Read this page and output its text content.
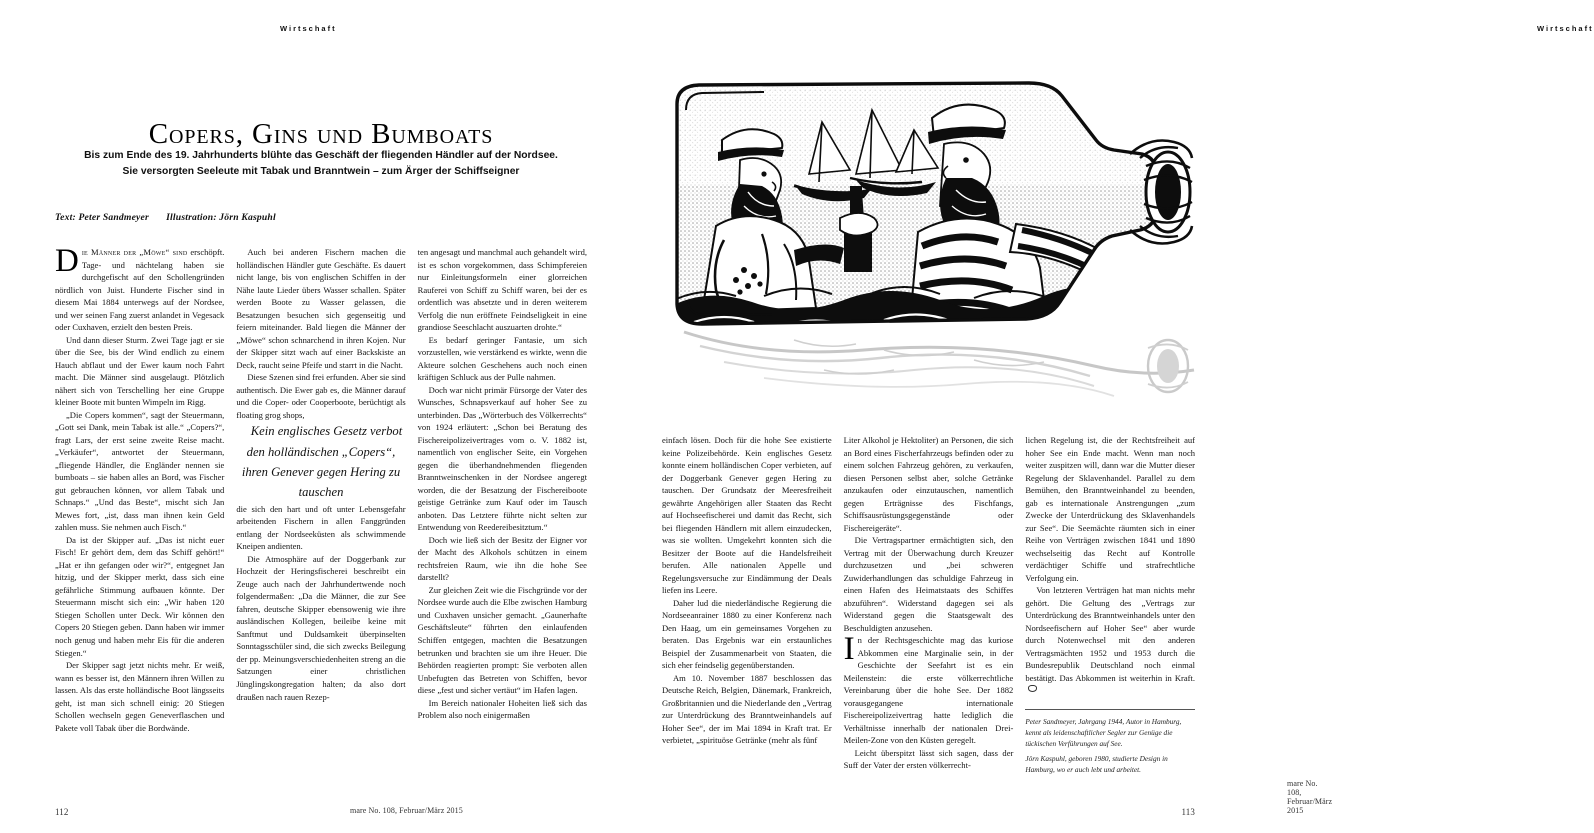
Wirtschaft
Copers, Gins und Bumboats
Bis zum Ende des 19. Jahrhunderts blühte das Geschäft der fliegenden Händler auf der Nordsee.
Sie versorgten Seeleute mit Tabak und Branntwein – zum Ärger der Schiffseigner
Text: Peter Sandmeyer Illustration: Jörn Kaspuhl

D ie Männer der „Möwe“ sind erschöpft. Tage- und nächtelang haben sie durchgefischt auf den Schollengründen nördlich von Juist. Hunderte Fischer sind in diesem Mai 1884 unterwegs auf der Nordsee, und wer seinen Fang zuerst anlandet in Vegesack oder Cuxhaven, erzielt den besten Preis.

Und dann dieser Sturm. Zwei Tage jagt er sie über die See, bis der Wind endlich zu einem Hauch abflaut und der Ewer kaum noch Fahrt macht. Die Männer sind ausgelaugt. Plötzlich nähert sich von Terschelling her eine Gruppe kleiner Boote mit bunten Wimpeln im Rigg.

„Die Copers kommen“, sagt der Steuermann, „Gott sei Dank, mein Tabak ist alle.“ „Copers?“, fragt Lars, der erst seine zweite Reise macht. „Verkäufer“, antwortet der Steuermann, „fliegende Händler, die Engländer nennen sie bumboats – sie haben alles an Bord, was Fischer gut gebrauchen können, vor allem Tabak und Schnaps.“ „Und das Beste“, mischt sich Jan Mewes fort, „ist, dass man ihnen kein Geld zahlen muss. Sie nehmen auch Fisch.“

Da ist der Skipper auf. „Das ist nicht euer Fisch! Er gehört dem, dem das Schiff gehört!“ „Hat er ihn gefangen oder wir?“, entgegnet Jan hitzig, und der Skipper merkt, dass sich eine gefährliche Stimmung aufbauen könnte. Der Steuermann mischt sich ein: „Wir haben 120 Stiegen Schollen unter Deck. Wir können den Copers 20 Stiegen geben. Dann haben wir immer noch genug und haben mehr Eis für die anderen Stiegen.“

Der Skipper sagt jetzt nichts mehr. Er weiß, wann es besser ist, den Männern ihren Willen zu lassen. Als das erste holländische Boot längsseits geht, ist man sich schnell einig: 20 Stiegen Schollen wechseln gegen Geneverflaschen und Pakete voll Tabak über die Bordwände.

Auch bei anderen Fischern machen die holländischen Händler gute Geschäfte. Es dauert nicht lange, bis von englischen Schiffen in der Nähe laute Lieder übers Wasser schallen. Später werden Boote zu Wasser gelassen, die Besatzungen besuchen sich gegenseitig und feiern miteinander. Bald liegen die Männer der „Möwe“ schon schnarchend in ihren Kojen. Nur der Skipper sitzt wach auf einer Backskiste an Deck, raucht seine Pfeife und starrt in die Nacht.

Diese Szenen sind frei erfunden. Aber sie sind authentisch. Die Ewer gab es, die Männer darauf und die Coper- oder Cooperboote, berüchtigt als floating grog shops,

Kein englisches Gesetz verbot den holländischen „Copers“, ihren Genever gegen Hering zu tauschen

die sich den hart und oft unter Lebensgefahr arbeitenden Fischern in allen Fanggründen entlang der Nordseeküsten als schwimmende Kneipen andienten.

Die Atmosphäre auf der Doggerbank zur Hochzeit der Heringsfischerei beschreibt ein Zeuge auch nach der Jahrhundertwende noch folgendermaßen: „Da die Männer, die zur See fahren, deutsche Skipper ebensowenig wie ihre ausländischen Kollegen, beileibe keine mit Sanftmut und Duldsamkeit überpinselten Sonntagsschüler sind, die sich zwecks Beilegung der pp. Meinungsverschiedenheiten streng an die Satzungen einer christlichen Jünglingskongregation halten; da also dort draußen nach rauen Rezep-

ten angesagt und manchmal auch gehandelt wird, ist es schon vorgekommen, dass Schimpfereien nur Einleitungsformeln einer glorreichen Rauferei von Schiff zu Schiff waren, bei der es ordentlich was absetzte und in deren weiterem Verfolg die nun eröffnete Feindseligkeit in eine grandiose Seeschlacht auszuarten drohte.“

Es bedarf geringer Fantasie, um sich vorzustellen, wie verstärkend es wirkte, wenn die Akteure solchen Geschehens auch noch einen kräftigen Schluck aus der Pulle nahmen.

Doch war nicht primär Fürsorge der Vater des Wunsches, Schnapsverkauf auf hoher See zu unterbinden. Das „Wörterbuch des Völkerrechts“ von 1924 erläutert: „Schon bei Beratung des Fischereipolizeivertrages vom o. V. 1882 ist, namentlich von englischer Seite, ein Vorgehen gegen die überhandnehmenden fliegenden Branntweinschenken in der Nordsee angeregt worden, die der Besatzung der Fischereiboote geistige Getränke zum Kauf oder im Tausch anboten. Das Letztere führte nicht selten zur Entwendung von Reedereibesitztum.“

Doch wie ließ sich der Besitz der Eigner vor der Macht des Alkohols schützen in einem rechtsfreien Raum, wie ihn die hohe See darstellt?

Zur gleichen Zeit wie die Fischgründe vor der Nordsee wurde auch die Elbe zwischen Hamburg und Cuxhaven unsicher gemacht. „Gaunerhafte Geschäftsleute“ führten den einlaufenden Schiffen entgegen, machten die Besatzungen betrunken und brachten sie um ihre Heuer. Die Behörden reagierten prompt: Sie verboten allen Unbefugten das Betreten von Schiffen, bevor diese „fest und sicher vertäut“ im Hafen lagen.

Im Bereich nationaler Hoheiten ließ sich das Problem also noch einigermaßen

112	mare No. 108, Februar/März 2015
Wirtschaft
mare No. 108, Februar/März 2015
113

einfach lösen. Doch für die hohe See existierte keine Polizeibehörde. Kein englisches Gesetz konnte einem holländischen Coper verbieten, auf der Doggerbank Genever gegen Hering zu tauschen. Der Grundsatz der Meeresfreiheit gewährte Angehörigen aller Staaten das Recht auf Hochseefischerei und damit das Recht, sich bei fliegenden Händlern mit allem einzudecken, was sie wollten. Umgekehrt konnten sich die Besitzer der Boote auf die Handelsfreiheit berufen. Alle nationalen Appelle und Regelungsversuche zur Eindämmung der Deals liefen ins Leere.

Daher lud die niederländische Regierung die Nordseeanrainer 1880 zu einer Konferenz nach Den Haag, um ein gemeinsames Vorgehen zu beraten. Das Ergebnis war ein erstaunliches Beispiel der Zusammenarbeit von Staaten, die sich eher feindselig gegenüberstanden.

Am 10. November 1887 beschlossen das Deutsche Reich, Belgien, Dänemark, Frankreich, Großbritannien und die Niederlande den „Vertrag zur Unterdrückung des Branntweinhandels auf Hoher See“, der im Mai 1894 in Kraft trat. Er verbietet, „spirituöse Getränke (mehr als fünf

Liter Alkohol je Hektoliter) an Personen, die sich an Bord eines Fischerfahrzeugs befinden oder zu einem solchen Fahrzeug gehören, zu verkaufen, diesen Personen selbst aber, solche Getränke anzukaufen oder einzutauschen, namentlich gegen Erträgnisse des Fischfangs, Schiffsausrüstungsgegenstände oder Fischereigeräte“.

Die Vertragspartner ermächtigten sich, den Vertrag mit der Überwachung durch Kreuzer durchzusetzen und „bei schweren Zuwiderhandlungen das schuldige Fahrzeug in einen Hafen des Heimatstaats des Schiffes abzuführen“. Widerstand dagegen sei als Widerstand gegen die Staatsgewalt des Beschuldigten anzusehen.

I n der Rechtsgeschichte mag das kuriose Abkommen eine Marginalie sein, in der Geschichte der Seefahrt ist es ein Meilenstein: die erste völkerrechtliche Vereinbarung über die hohe See. Der 1882 vorausgegangene internationale Fischereipolizeivertrag hatte lediglich die Verhältnisse innerhalb der nationalen Drei-Meilen-Zone von den Küsten geregelt.

Leicht überspitzt lässt sich sagen, dass der Suff der Vater der ersten völkerrecht-

lichen Regelung ist, die der Rechtsfreiheit auf hoher See ein Ende macht. Wenn man noch weiter zuspitzen will, dann war die Mutter dieser Regelung der Sklavenhandel. Parallel zu dem Bemühen, den Branntweinhandel zu beenden, gab es internationale Anstrengungen „zum Zwecke der Unterdrückung des Sklavenhandels zur See“. Die Seemächte räumten sich in einer Reihe von Verträgen zwischen 1841 und 1890 wechselseitig das Recht auf Kontrolle verdächtiger Schiffe und strafrechtliche Verfolgung ein.

Von letzteren Verträgen hat man nichts mehr gehört. Die Geltung des „Vertrags zur Unterdrückung des Branntweinhandels unter den Nordseefischern auf Hoher See“ aber wurde durch Notenwechsel mit den anderen Vertragsmächten 1952 und 1953 durch die Bundesrepublik Deutschland noch einmal bestätigt. Das Abkommen ist weiterhin in Kraft.

Peter Sandmeyer, Jahrgang 1944, Autor in Hamburg, kennt als leidenschaftlicher Segler zur Genüge die tückischen Verführungen auf See.

Jörn Kaspuhl, geboren 1980, studierte Design in Hamburg, wo er auch lebt und arbeitet.
